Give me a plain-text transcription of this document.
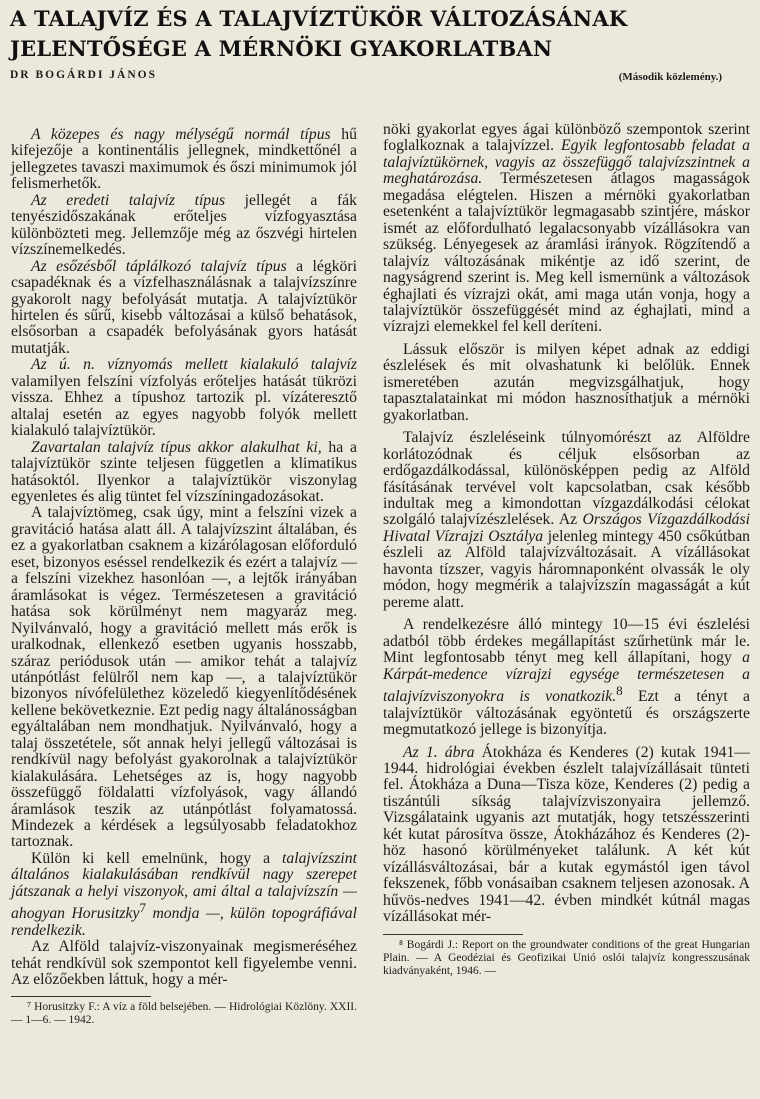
A TALAJVÍZ ÉS A TALAJVÍZTÜKÖR VÁLTOZÁSÁNAK
JELENTŐSÉGE A MÉRNÖKI GYAKORLATBAN
DR BOGÁRDI JÁNOS	(Második közlemény.)

A közepes és nagy mélységű normál típus hű kifejezője a kontinentális jellegnek, mindkettőnél a jellegzetes tavaszi maximumok és őszi minimumok jól felismerhetők.

Az eredeti talajvíz típus jellegét a fák tenyészidőszakának erőteljes vízfogyasztása különbözteti meg. Jellemzője még az őszvégi hirtelen vízszínemelkedés.

Az esőzésből táplálkozó talajvíz típus a légköri csapadéknak és a vízfelhasználásnak a talajvízszínre gyakorolt nagy befolyását mutatja. A talajvíztükör hirtelen és sűrű, kisebb változásai a külső behatások, elsősorban a csapadék befolyásának gyors hatását mutatják.

Az ú. n. víznyomás mellett kialakuló talajvíz valamilyen felszíni vízfolyás erőteljes hatását tükrözi vissza. Ehhez a típushoz tartozik pl. vízáteresztő altalaj esetén az egyes nagyobb folyók mellett kialakuló talajvíztükör.

Zavartalan talajvíz típus akkor alakulhat ki, ha a talajvíztükör szinte teljesen független a klimatikus hatásoktól. Ilyenkor a talajvíztükör viszonylag egyenletes és alig tüntet fel vízszíningadozásokat.

A talajvíztömeg, csak úgy, mint a felszíni vizek a gravitáció hatása alatt áll. A talajvízszint általában, és ez a gyakorlatban csaknem a kizárólagosan előforduló eset, bizonyos eséssel rendelkezik és ezért a talajvíz — a felszíni vizekhez hasonlóan —, a lejtők irányában áramlásokat is végez. Természetesen a gravitáció hatása sok körülményt nem magyaráz meg. Nyilvánvaló, hogy a gravitáció mellett más erők is uralkodnak, ellenkező esetben ugyanis hosszabb, száraz periódusok után — amikor tehát a talajvíz utánpótlást felülről nem kap —, a talajvíztükör bizonyos nívófelülethez közeledő kiegyenlítődésének kellene bekövetkeznie. Ezt pedig nagy általánosságban egyáltalában nem mondhatjuk. Nyilvánvaló, hogy a talaj összetétele, sőt annak helyi jellegű változásai is rendkívül nagy befolyást gyakorolnak a talajvíztükör kialakulására. Lehetséges az is, hogy nagyobb összefüggő földalatti vízfolyások, vagy állandó áramlások teszik az utánpótlást folyamatossá. Mindezek a kérdések a legsúlyosabb feladatokhoz tartoznak.

Külön ki kell emelnünk, hogy a talajvízszint általános kialakulásában rendkívül nagy szerepet játszanak a helyi viszonyok, ami által a talajvízszín — ahogyan Horusitzky$^7$ mondja —, külön topográfiával rendelkezik.

Az Alföld talajvíz-viszonyainak megismeréséhez tehát rendkívül sok szempontot kell figyelembe venni. Az előzőekben láttuk, hogy a mér-

⁷ Horusitzky F.: A víz a föld belsejében. — Hidrológiai Közlöny. XXII. — 1—6. — 1942.

nöki gyakorlat egyes ágai különböző szempontok szerint foglalkoznak a talajvízzel. Egyik legfontosabb feladat a talajvíztükörnek, vagyis az összefüggő talajvízszintnek a meghatározása. Természetesen átlagos magasságok megadása elégtelen. Hiszen a mérnöki gyakorlatban esetenként a talajvíztükör legmagasabb szintjére, máskor ismét az előfordulható legalacsonyabb vízállásokra van szükség. Lényegesek az áramlási irányok. Rögzítendő a talajvíz változásának mikéntje az idő szerint, de nagyságrend szerint is. Meg kell ismernünk a változások éghajlati és vízrajzi okát, ami maga után vonja, hogy a talajvíztükör összefüggését mind az éghajlati, mind a vízrajzi elemekkel fel kell deríteni.

Lássuk először is milyen képet adnak az eddigi észlelések és mit olvashatunk ki belőlük. Ennek ismeretében azután megvizsgálhatjuk, hogy tapasztalatainkat mi módon hasznosíthatjuk a mérnöki gyakorlatban.

Talajvíz észleléseink túlnyomórészt az Alföldre korlátozódnak és céljuk elsősorban az erdőgazdálkodással, különösképpen pedig az Alföld fásításának tervével volt kapcsolatban, csak később indultak meg a kimondottan vízgazdálkodási célokat szolgáló talajvízészlelések. Az Országos Vízgazdálkodási Hivatal Vízrajzi Osztálya jelenleg mintegy 450 csőkútban észleli az Alföld talajvízváltozásait. A vízállásokat havonta tízszer, vagyis háromnaponként olvassák le oly módon, hogy megmérik a talajvízszín magasságát a kút pereme alatt.

A rendelkezésre álló mintegy 10—15 évi észlelési adatból több érdekes megállapítást szűrhetünk már le. Mint legfontosabb tényt meg kell állapítani, hogy a Kárpát-medence vízrajzi egysége természetesen a talajvízviszonyokra is vonatkozik.$^8$ Ezt a tényt a talajvíztükör változásának egyöntetű és országszerte megmutatkozó jellege is bizonyítja.

Az 1. ábra Átokháza és Kenderes (2) kutak 1941—1944. hidrológiai években észlelt talajvízállásait tünteti fel. Átokháza a Duna—Tisza köze, Kenderes (2) pedig a tiszántúli síkság talajvízviszonyaira jellemző. Vizsgálataink ugyanis azt mutatják, hogy tetszésszerinti két kutat párosítva össze, Átokházához és Kenderes (2)-höz hasonó körülményeket találunk. A két kút vízállásváltozásai, bár a kutak egymástól igen távol fekszenek, főbb vonásaiban csaknem teljesen azonosak. A hűvös-nedves 1941—42. évben mindkét kútnál magas vízállásokat mér-

⁸ Bogárdi J.: Report on the groundwater conditions of the great Hungarian Plain. — A Geodéziai és Geofizikai Unió oslói talajvíz kongresszusának kiadványaként, 1946. —
